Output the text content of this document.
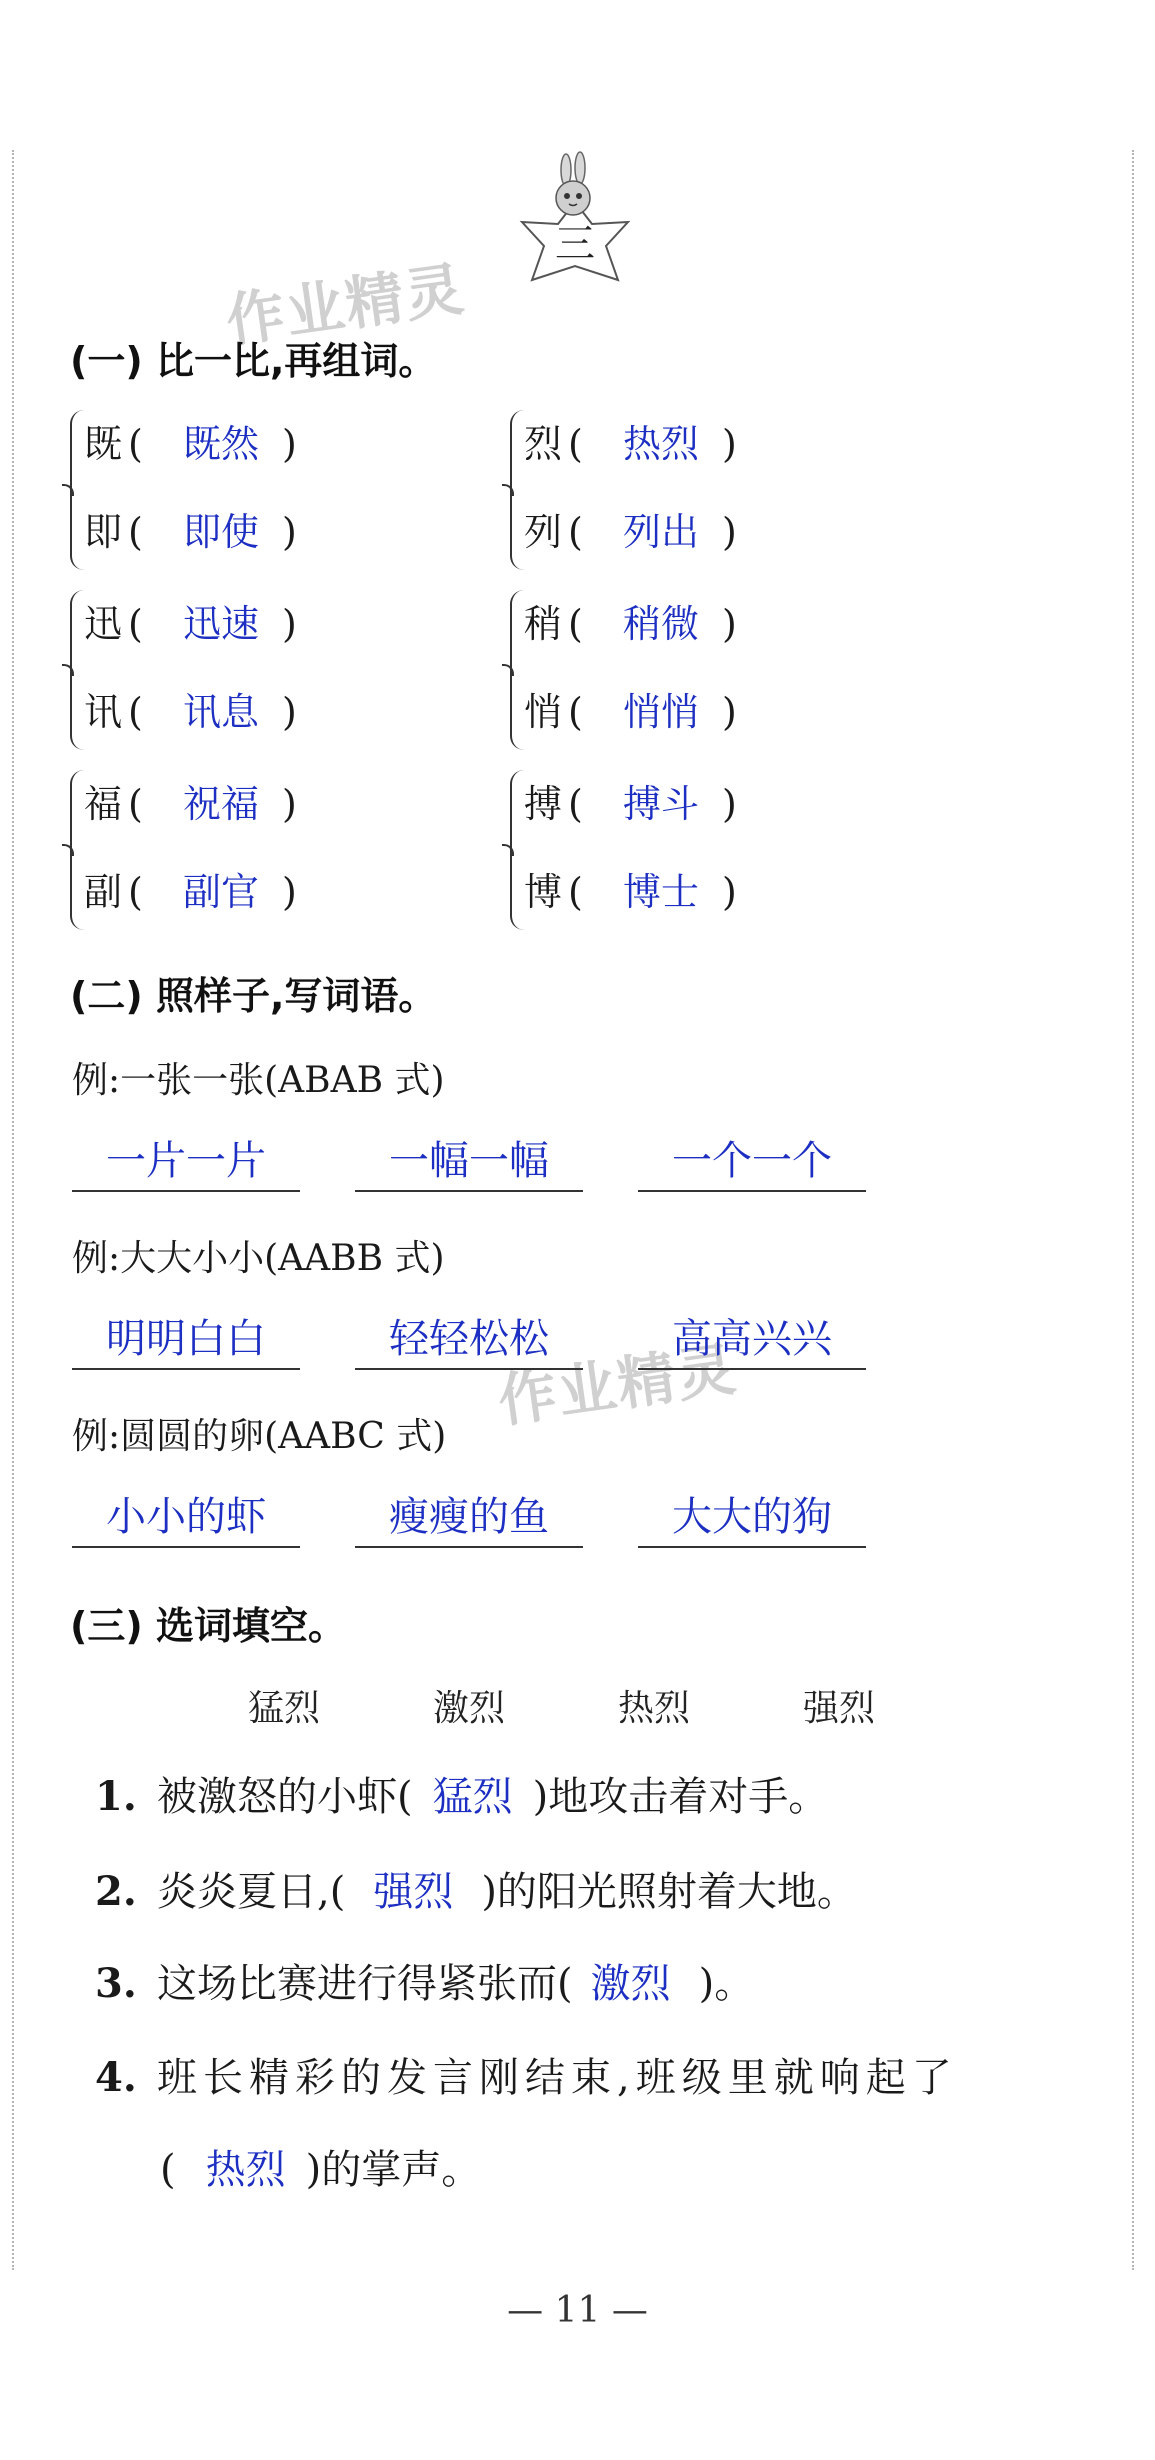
三
作业精灵
作业精灵
(一) 比一比,再组词。
既 ( 既然 )
即 ( 即使 )
烈 ( 热烈 )
列 ( 列出 )
迅 ( 迅速 )
讯 ( 讯息 )
稍 ( 稍微 )
悄 ( 悄悄 )
福 ( 祝福 )
副 ( 副官 )
搏 ( 搏斗 )
博 ( 博士 )
(二) 照样子,写词语。
例:一张一张(ABAB 式)
一片一片	一幅一幅	一个一个
例:大大小小(AABB 式)
明明白白	轻轻松松	高高兴兴
例:圆圆的卵(AABC 式)
小小的虾	瘦瘦的鱼	大大的狗
(三) 选词填空。
猛烈	激烈	热烈	强烈
1. 被激怒的小虾( 猛烈 )地攻击着对手。
2. 炎炎夏日,( 强烈 )的阳光照射着大地。
3. 这场比赛进行得紧张而( 激烈 )。
4. 班长精彩的发言刚结束,班级里就响起了
( 热烈 )的掌声。
— 11 —
